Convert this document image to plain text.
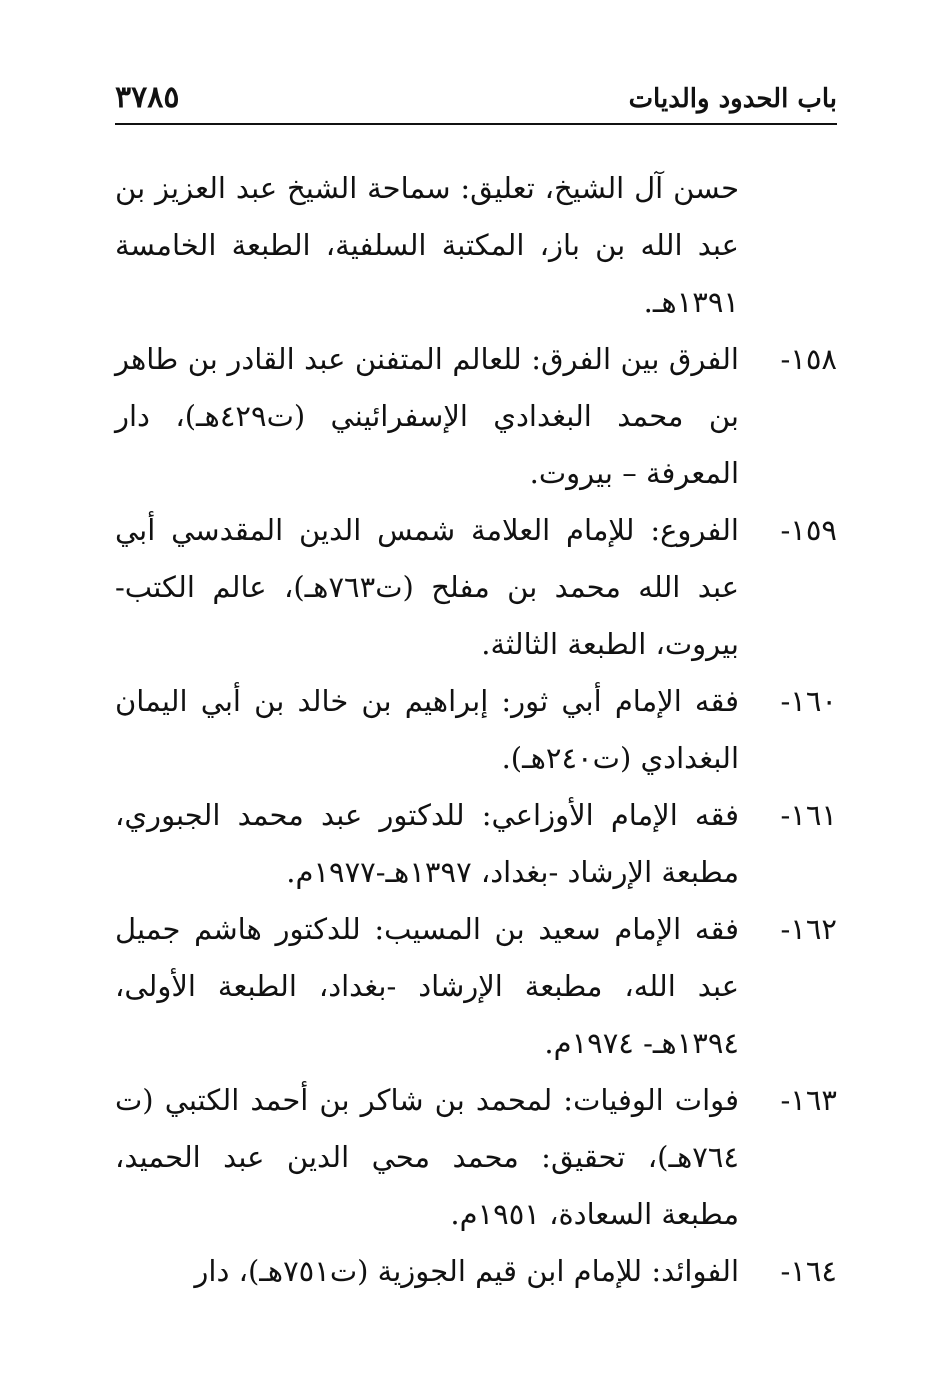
باب الحدود والديات
٣٧٨٥
حسن آل الشيخ، تعليق: سماحة الشيخ عبد العزيز بن عبد الله بن باز، المكتبة السلفية، الطبعة الخامسة ١٣٩١هـ.
١٥٨-
الفرق بين الفرق: للعالم المتفنن عبد القادر بن طاهر بن محمد البغدادي الإسفرائيني (ت٤٢٩هـ)، دار المعرفة – بيروت.
١٥٩-
الفروع: للإمام العلامة شمس الدين المقدسي أبي عبد الله محمد بن مفلح (ت٧٦٣هـ)، عالم الكتب- بيروت، الطبعة الثالثة.
١٦٠-
فقه الإمام أبي ثور: إبراهيم بن خالد بن أبي اليمان البغدادي (ت٢٤٠هـ).
١٦١-
فقه الإمام الأوزاعي: للدكتور عبد محمد الجبوري، مطبعة الإرشاد -بغداد، ١٣٩٧هـ-١٩٧٧م.
١٦٢-
فقه الإمام سعيد بن المسيب: للدكتور هاشم جميل عبد الله، مطبعة الإرشاد -بغداد، الطبعة الأولى، ١٣٩٤هـ- ١٩٧٤م.
١٦٣-
فوات الوفيات: لمحمد بن شاكر بن أحمد الكتبي (ت ٧٦٤هـ)، تحقيق: محمد محي الدين عبد الحميد، مطبعة السعادة، ١٩٥١م.
١٦٤-
الفوائد: للإمام ابن قيم الجوزية (ت٧٥١هـ)، دار
